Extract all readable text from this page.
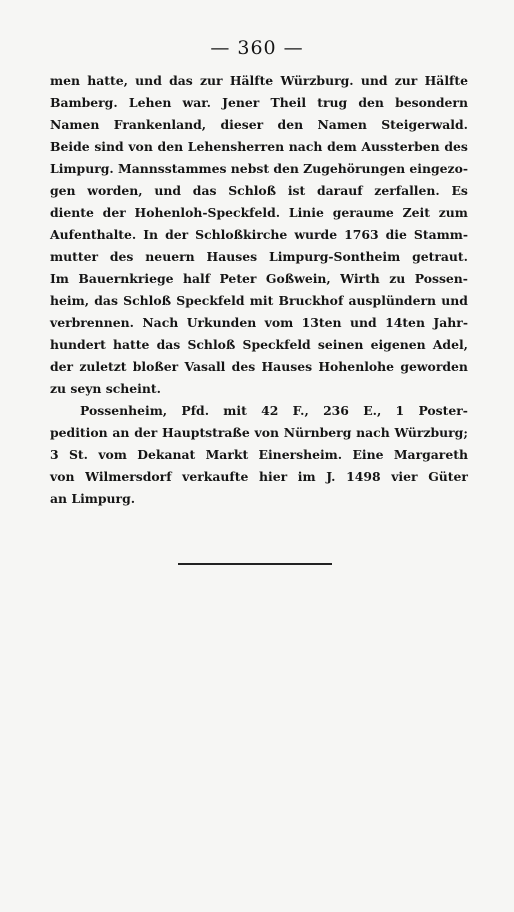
— 360 —
men hatte, und das zur Hälfte Würzburg. und zur Hälfte
Bamberg. Lehen war. Jener Theil trug den besondern
Namen Frankenland, dieser den Namen Steigerwald.
Beide sind von den Lehensherren nach dem Aussterben des
Limpurg. Mannsstammes nebst den Zugehörungen eingezo-
gen worden, und das Schloß ist darauf zerfallen. Es
diente der Hohenloh-Speckfeld. Linie geraume Zeit zum
Aufenthalte. In der Schloßkirche wurde 1763 die Stamm-
mutter des neuern Hauses Limpurg-Sontheim getraut.
Im Bauernkriege half Peter Goßwein, Wirth zu Possen-
heim, das Schloß Speckfeld mit Bruckhof ausplündern und
verbrennen. Nach Urkunden vom 13ten und 14ten Jahr-
hundert hatte das Schloß Speckfeld seinen eigenen Adel,
der zuletzt bloßer Vasall des Hauses Hohenlohe geworden
zu seyn scheint.
Possenheim, Pfd. mit 42 F., 236 E., 1 Poster-
pedition an der Hauptstraße von Nürnberg nach Würzburg;
3 St. vom Dekanat Markt Einersheim. Eine Margareth
von Wilmersdorf verkaufte hier im J. 1498 vier Güter
an Limpurg.
